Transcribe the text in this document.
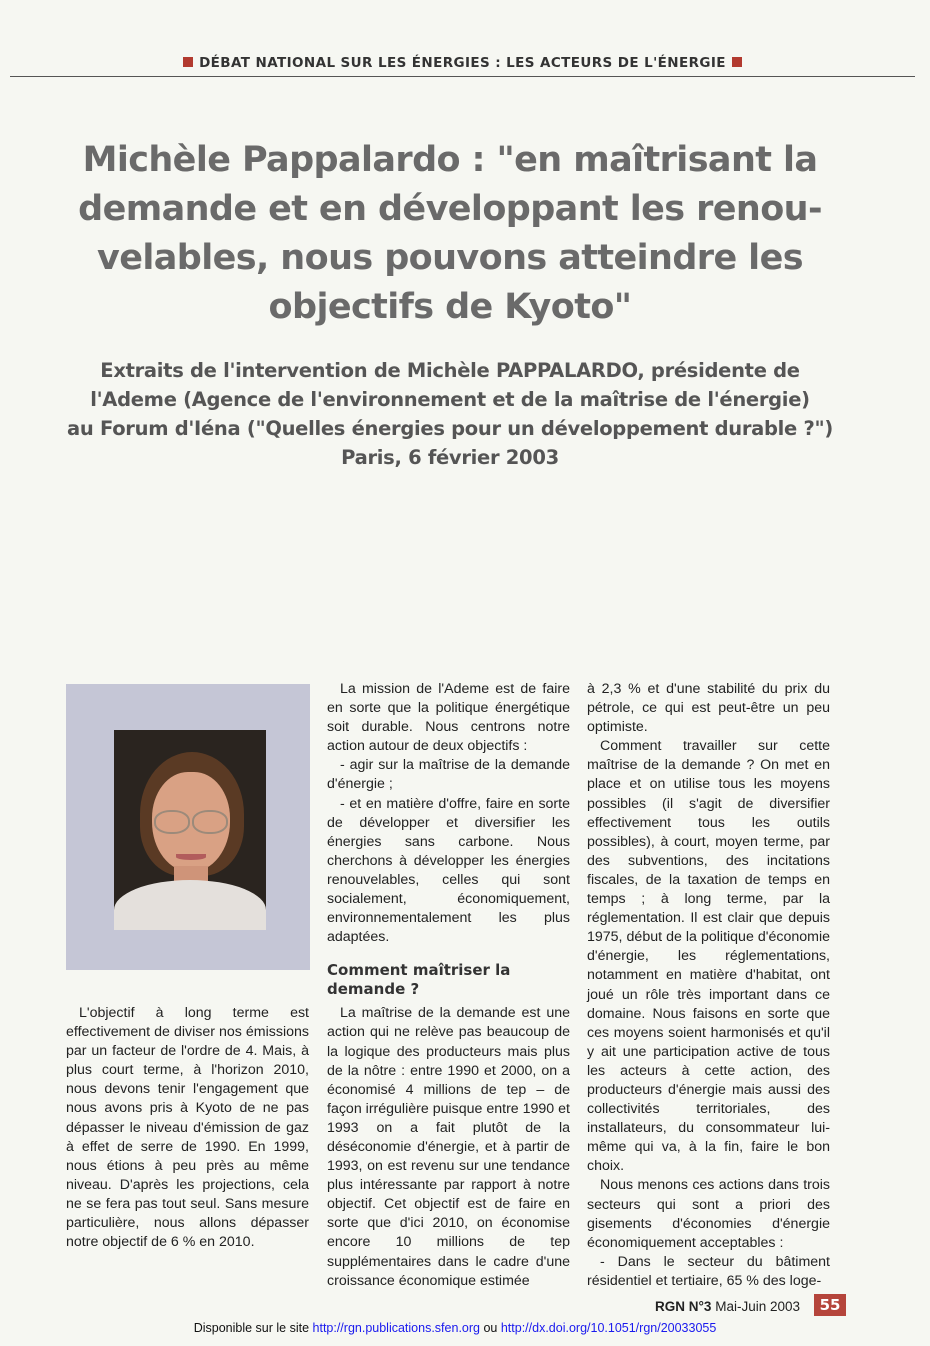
DÉBAT NATIONAL SUR LES ÉNERGIES : LES ACTEURS DE L'ÉNERGIE
Michèle Pappalardo : "en maîtrisant la
demande et en développant les renou-
velables, nous pouvons atteindre les
objectifs de Kyoto"
Extraits de l'intervention de Michèle PAPPALARDO, présidente de
l'Ademe (Agence de l'environnement et de la maîtrise de l'énergie)
au Forum d'Iéna ("Quelles énergies pour un développement durable ?")
Paris, 6 février 2003

L'objectif à long terme est effectivement de diviser nos émissions par un facteur de l'ordre de 4. Mais, à plus court terme, à l'horizon 2010, nous devons tenir l'engagement que nous avons pris à Kyoto de ne pas dépasser le niveau d'émission de gaz à effet de serre de 1990. En 1999, nous étions à peu près au même niveau. D'après les projections, cela ne se fera pas tout seul. Sans mesure particulière, nous allons dépasser notre objectif de 6 % en 2010.

La mission de l'Ademe est de faire en sorte que la politique énergétique soit durable. Nous centrons notre action autour de deux objectifs :

- agir sur la maîtrise de la demande d'énergie ;

- et en matière d'offre, faire en sorte de développer et diversifier les énergies sans carbone. Nous cherchons à développer les énergies renouvelables, celles qui sont socialement, économiquement, environnementalement les plus adaptées.

Comment maîtriser la demande ?

La maîtrise de la demande est une action qui ne relève pas beaucoup de la logique des producteurs mais plus de la nôtre : entre 1990 et 2000, on a économisé 4 millions de tep – de façon irrégulière puisque entre 1990 et 1993 on a fait plutôt de la déséconomie d'énergie, et à partir de 1993, on est revenu sur une tendance plus intéressante par rapport à notre objectif. Cet objectif est de faire en sorte que d'ici 2010, on économise encore 10 millions de tep supplémentaires dans le cadre d'une croissance économique estimée

à 2,3 % et d'une stabilité du prix du pétrole, ce qui est peut-être un peu optimiste.

Comment travailler sur cette maîtrise de la demande ? On met en place et on utilise tous les moyens possibles (il s'agit de diversifier effectivement tous les outils possibles), à court, moyen terme, par des subventions, des incitations fiscales, de la taxation de temps en temps ; à long terme, par la réglementation. Il est clair que depuis 1975, début de la politique d'économie d'énergie, les réglementations, notamment en matière d'habitat, ont joué un rôle très important dans ce domaine. Nous faisons en sorte que ces moyens soient harmonisés et qu'il y ait une participation active de tous les acteurs à cette action, des producteurs d'énergie mais aussi des collectivités territoriales, des installateurs, du consommateur lui-même qui va, à la fin, faire le bon choix.

Nous menons ces actions dans trois secteurs qui sont a priori des gisements d'économies d'énergie économiquement acceptables :

- Dans le secteur du bâtiment résidentiel et tertiaire, 65 % des loge-

RGN N°3 Mai-Juin 2003	55
Disponible sur le site http://rgn.publications.sfen.org ou http://dx.doi.org/10.1051/rgn/20033055
